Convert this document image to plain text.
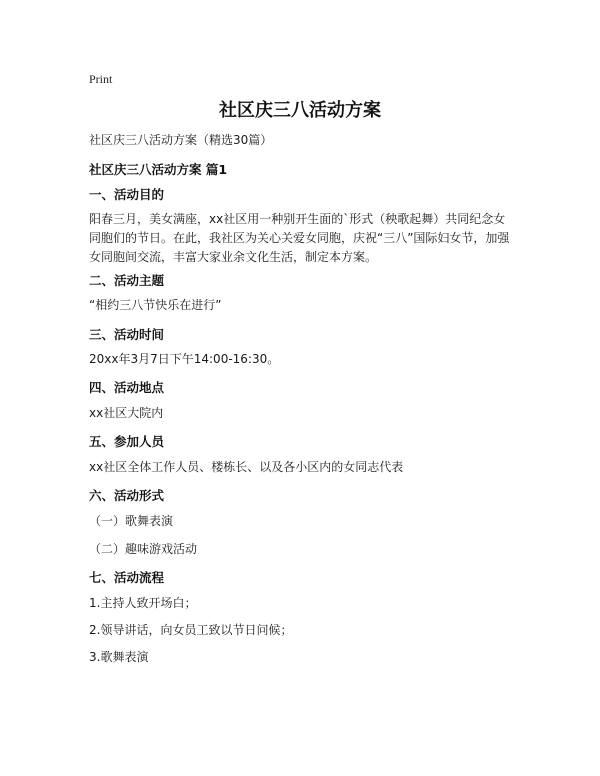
Print
社区庆三八活动方案
社区庆三八活动方案（精选30篇）
社区庆三八活动方案 篇1
一、活动目的
阳春三月，美女满座，xx社区用一种别开生面的`形式（秧歌起舞）共同纪念女同胞们的节日。在此，我社区为关心关爱女同胞，庆祝“三八”国际妇女节，加强女同胞间交流，丰富大家业余文化生活，制定本方案。
二、活动主题
“相约三八节快乐在进行”
三、活动时间
20xx年3月7日下午14:00-16:30。
四、活动地点
xx社区大院内
五、参加人员
xx社区全体工作人员、楼栋长、以及各小区内的女同志代表
六、活动形式
（一）歌舞表演
（二）趣味游戏活动
七、活动流程
1.主持人致开场白；
2.领导讲话，向女员工致以节日问候；
3.歌舞表演
